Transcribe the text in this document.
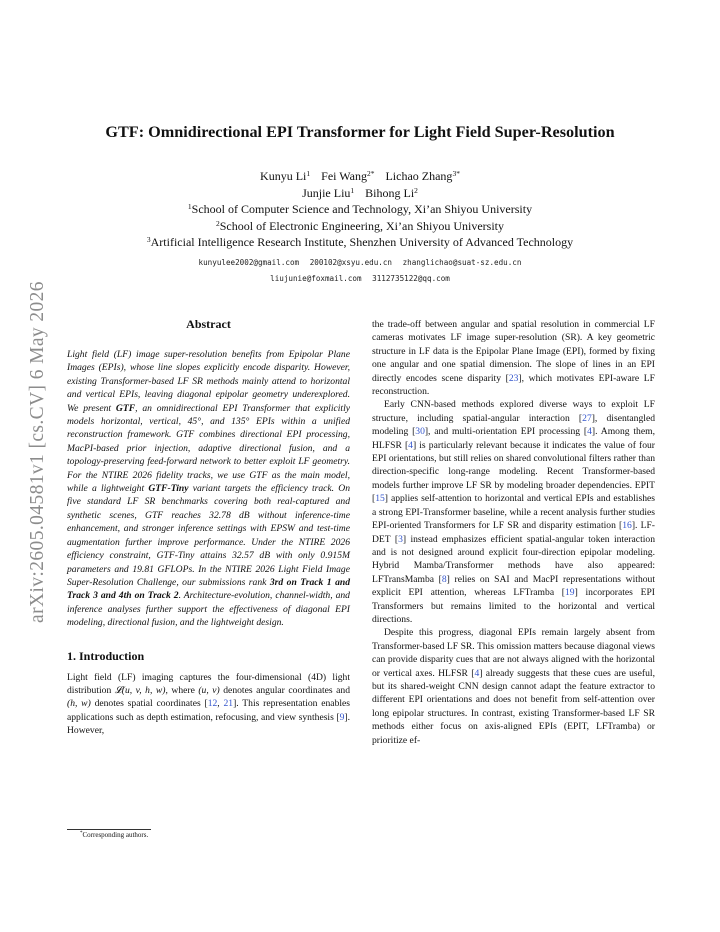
arXiv:2605.04581v1 [cs.CV] 6 May 2026
GTF: Omnidirectional EPI Transformer for Light Field Super-Resolution
Kunyu Li$^1$ Fei Wang$^{2*}$ Lichao Zhang$^{3*}$
Junjie Liu$^1$ Bihong Li$^2$
$^1$School of Computer Science and Technology, Xi’an Shiyou University
$^2$School of Electronic Engineering, Xi’an Shiyou University
$^3$Artificial Intelligence Research Institute, Shenzhen University of Advanced Technology
kunyulee2002@gmail.com 200102@xsyu.edu.cn zhanglichao@suat-sz.edu.cn
liujunie@foxmail.com 3112735122@qq.com
Abstract

Light field (LF) image super-resolution benefits from Epipolar Plane Images (EPIs), whose line slopes explicitly encode disparity. However, existing Transformer-based LF SR methods mainly attend to horizontal and vertical EPIs, leaving diagonal epipolar geometry underexplored. We present GTF, an omnidirectional EPI Transformer that explicitly models horizontal, vertical, 45°, and 135° EPIs within a unified reconstruction framework. GTF combines directional EPI processing, MacPI-based prior injection, adaptive directional fusion, and a topology-preserving feed-forward network to better exploit LF geometry. For the NTIRE 2026 fidelity tracks, we use GTF as the main model, while a lightweight GTF-Tiny variant targets the efficiency track. On five standard LF SR benchmarks covering both real-captured and synthetic scenes, GTF reaches 32.78 dB without inference-time enhancement, and stronger inference settings with EPSW and test-time augmentation further improve performance. Under the NTIRE 2026 efficiency constraint, GTF-Tiny attains 32.57 dB with only 0.915M parameters and 19.81 GFLOPs. In the NTIRE 2026 Light Field Image Super-Resolution Challenge, our submissions rank 3rd on Track 1 and Track 3 and 4th on Track 2. Architecture-evolution, channel-width, and inference analyses further support the effectiveness of diagonal EPI modeling, directional fusion, and the lightweight design.

1. Introduction

Light field (LF) imaging captures the four-dimensional (4D) light distribution 𝓛(u, v, h, w), where (u, v) denotes angular coordinates and (h, w) denotes spatial coordinates [12, 21]. This representation enables applications such as depth estimation, refocusing, and view synthesis [9]. However,

*Corresponding authors.

the trade-off between angular and spatial resolution in commercial LF cameras motivates LF image super-resolution (SR). A key geometric structure in LF data is the Epipolar Plane Image (EPI), formed by fixing one angular and one spatial dimension. The slope of lines in an EPI directly encodes scene disparity [23], which motivates EPI-aware LF reconstruction.

Early CNN-based methods explored diverse ways to exploit LF structure, including spatial-angular interaction [27], disentangled modeling [30], and multi-orientation EPI processing [4]. Among them, HLFSR [4] is particularly relevant because it indicates the value of four EPI orientations, but still relies on shared convolutional filters rather than direction-specific long-range modeling. Recent Transformer-based models further improve LF SR by modeling broader dependencies. EPIT [15] applies self-attention to horizontal and vertical EPIs and establishes a strong EPI-Transformer baseline, while a recent analysis further studies EPI-oriented Transformers for LF SR and disparity estimation [16]. LF-DET [3] instead emphasizes efficient spatial-angular token interaction and is not designed around explicit four-direction epipolar modeling. Hybrid Mamba/Transformer methods have also appeared: LFTransMamba [8] relies on SAI and MacPI representations without explicit EPI attention, whereas LFTramba [19] incorporates EPI Transformers but remains limited to the horizontal and vertical directions.

Despite this progress, diagonal EPIs remain largely absent from Transformer-based LF SR. This omission matters because diagonal views can provide disparity cues that are not always aligned with the horizontal or vertical axes. HLFSR [4] already suggests that these cues are useful, but its shared-weight CNN design cannot adapt the feature extractor to different EPI orientations and does not benefit from self-attention over long epipolar structures. In contrast, existing Transformer-based LF SR methods either focus on axis-aligned EPIs (EPIT, LFTramba) or prioritize ef-
